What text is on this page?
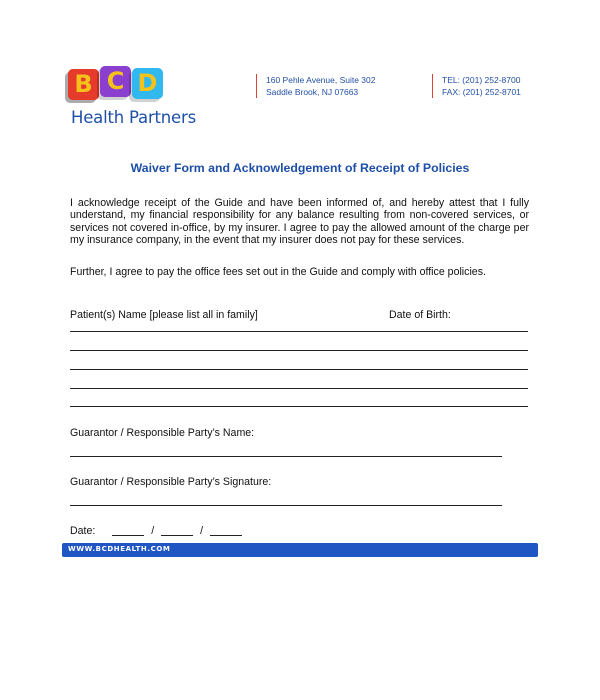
B C D
Health Partners
160 Pehle Avenue, Suite 302
Saddle Brook, NJ 07663
TEL: (201) 252-8700
FAX: (201) 252-8701
Waiver Form and Acknowledgement of Receipt of Policies
I acknowledge receipt of the Guide and have been informed of, and hereby attest that I fully understand, my financial responsibility for any balance resulting from non-covered services, or services not covered in-office, by my insurer. I agree to pay the allowed amount of the charge per my insurance company, in the event that my insurer does not pay for these services.
Further, I agree to pay the office fees set out in the Guide and comply with office policies.
Patient(s) Name [please list all in family]	Date of Birth:
Guarantor / Responsible Party’s Name:
Guarantor / Responsible Party’s Signature:
Date:	/	/
WWW.BCDHEALTH.COM
